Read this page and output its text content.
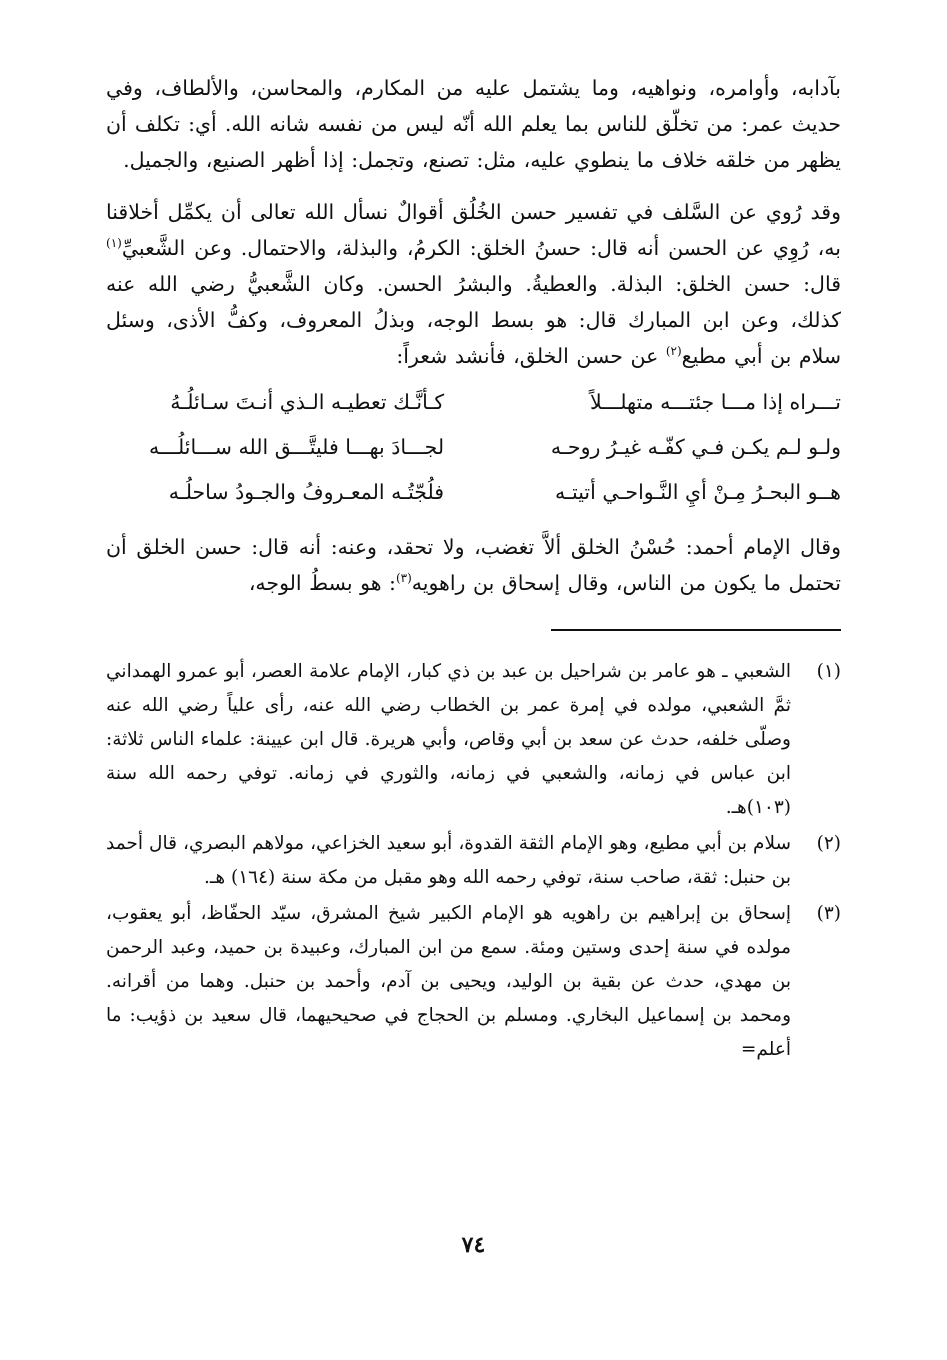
بآدابه، وأوامره، ونواهيه، وما يشتمل عليه من المكارم، والمحاسن، والألطاف، وفي حديث عمر: من تخلّق للناس بما يعلم الله أنّه ليس من نفسه شانه الله. أي: تكلف أن يظهر من خلقه خلاف ما ينطوي عليه، مثل: تصنع، وتجمل: إذا أظهر الصنيع، والجميل.

وقد رُوي عن السَّلف في تفسير حسن الخُلُق أقوالٌ نسأل الله تعالى أن يكمِّل أخلاقنا به، رُوِي عن الحسن أنه قال: حسنُ الخلق: الكرمُ، والبذلة، والاحتمال. وعن الشَّعبيِّ$^{(١)}$ قال: حسن الخلق: البذلة. والعطيةُ. والبشرُ الحسن. وكان الشَّعبيُّ رضي الله عنه كذلك، وعن ابن المبارك قال: هو بسط الوجه، وبذلُ المعروف، وكفُّ الأذى، وسئل سلام بن أبي مطيع$^{(٢)}$ عن حسن الخلق، فأنشد شعراً:

تـــراه إذا مـــا جئتـــه متهلـــلاً
كـأنَّـك تعطيـه الـذي أنـتَ سـائلُـهُ
ولـو لـم يكـن فـي كفّـه غيـرُ روحـه
لجـــادَ بهـــا فليتَّـــق الله ســـائلُـــه
هــو البحـرُ مِـنْ أيِ النَّـواحـي أتيتـه
فلُجّتُـه المعـروفُ والجـودُ ساحلُـه

وقال الإمام أحمد: حُسْنُ الخلق ألاَّ تغضب، ولا تحقد، وعنه: أنه قال: حسن الخلق أن تحتمل ما يكون من الناس، وقال إسحاق بن راهويه$^{(٣)}$: هو بسطُ الوجه،

(١)
الشعبي ـ هو عامر بن شراحيل بن عبد بن ذي كبار، الإمام علامة العصر، أبو عمرو الهمداني ثمَّ الشعبي، مولده في إمرة عمر بن الخطاب رضي الله عنه، رأى علياً رضي الله عنه وصلّى خلفه، حدث عن سعد بن أبي وقاص، وأبي هريرة. قال ابن عيينة: علماء الناس ثلاثة: ابن عباس في زمانه، والشعبي في زمانه، والثوري في زمانه. توفي رحمه الله سنة (١٠٣)هـ.
(٢)
سلام بن أبي مطيع، وهو الإمام الثقة القدوة، أبو سعيد الخزاعي، مولاهم البصري، قال أحمد بن حنبل: ثقة، صاحب سنة، توفي رحمه الله وهو مقبل من مكة سنة (١٦٤) هـ.
(٣)
إسحاق بن إبراهيم بن راهويه هو الإمام الكبير شيخ المشرق، سيّد الحفّاظ، أبو يعقوب، مولده في سنة إحدى وستين ومئة. سمع من ابن المبارك، وعبيدة بن حميد، وعبد الرحمن بن مهدي، حدث عن بقية بن الوليد، ويحيى بن آدم، وأحمد بن حنبل. وهما من أقرانه. ومحمد بن إسماعيل البخاري. ومسلم بن الحجاج في صحيحيهما، قال سعيد بن ذؤيب: ما أعلم=
٧٤
